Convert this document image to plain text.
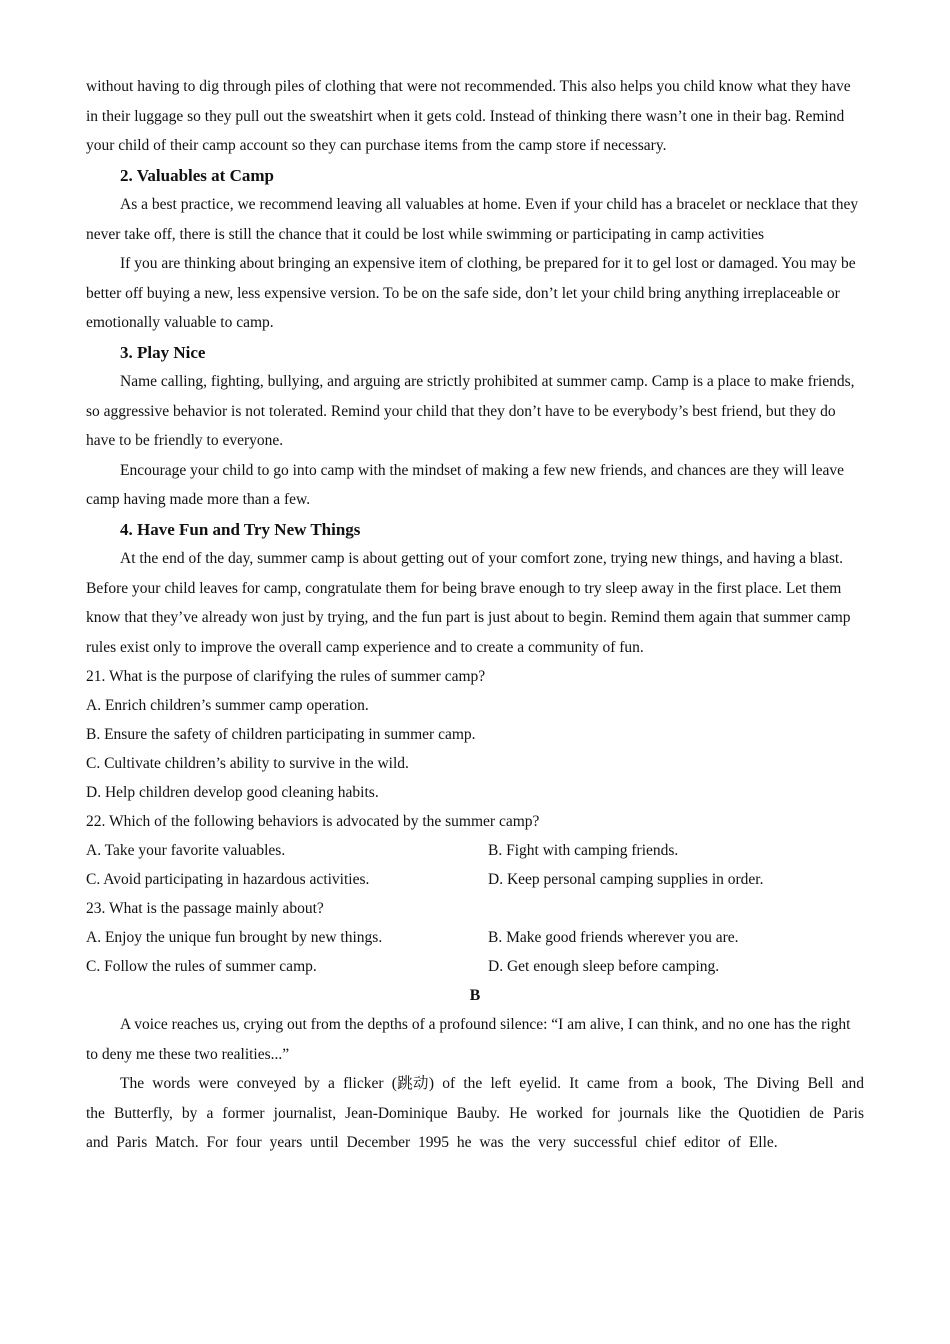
without having to dig through piles of clothing that were not recommended. This also helps you child know what they have in their luggage so they pull out the sweatshirt when it gets cold. Instead of thinking there wasn’t one in their bag. Remind your child of their camp account so they can purchase items from the camp store if necessary.

2. Valuables at Camp

As a best practice, we recommend leaving all valuables at home. Even if your child has a bracelet or necklace that they never take off, there is still the chance that it could be lost while swimming or participating in camp activities

If you are thinking about bringing an expensive item of clothing, be prepared for it to gel lost or damaged. You may be better off buying a new, less expensive version. To be on the safe side, don’t let your child bring anything irreplaceable or emotionally valuable to camp.

3. Play Nice

Name calling, fighting, bullying, and arguing are strictly prohibited at summer camp. Camp is a place to make friends, so aggressive behavior is not tolerated. Remind your child that they don’t have to be everybody’s best friend, but they do have to be friendly to everyone.

Encourage your child to go into camp with the mindset of making a few new friends, and chances are they will leave camp having made more than a few.

4. Have Fun and Try New Things

At the end of the day, summer camp is about getting out of your comfort zone, trying new things, and having a blast. Before your child leaves for camp, congratulate them for being brave enough to try sleep away in the first place. Let them know that they’ve already won just by trying, and the fun part is just about to begin. Remind them again that summer camp rules exist only to improve the overall camp experience and to create a community of fun.

21. What is the purpose of clarifying the rules of summer camp?

A. Enrich children’s summer camp operation.

B. Ensure the safety of children participating in summer camp.

C. Cultivate children’s ability to survive in the wild.

D. Help children develop good cleaning habits.

22. Which of the following behaviors is advocated by the summer camp?

A. Take your favorite valuables.	B. Fight with camping friends.
C. Avoid participating in hazardous activities.	D. Keep personal camping supplies in order.

23. What is the passage mainly about?

A. Enjoy the unique fun brought by new things.	B. Make good friends wherever you are.
C. Follow the rules of summer camp.	D. Get enough sleep before camping.

B

A voice reaches us, crying out from the depths of a profound silence: “I am alive, I can think, and no one has the right to deny me these two realities...”

The words were conveyed by a flicker (跳动) of the left eyelid. It came from a book, The Diving Bell and the Butterfly, by a former journalist, Jean-Dominique Bauby. He worked for journals like the Quotidien de Paris and Paris Match. For four years until December 1995 he was the very successful chief editor of Elle.
